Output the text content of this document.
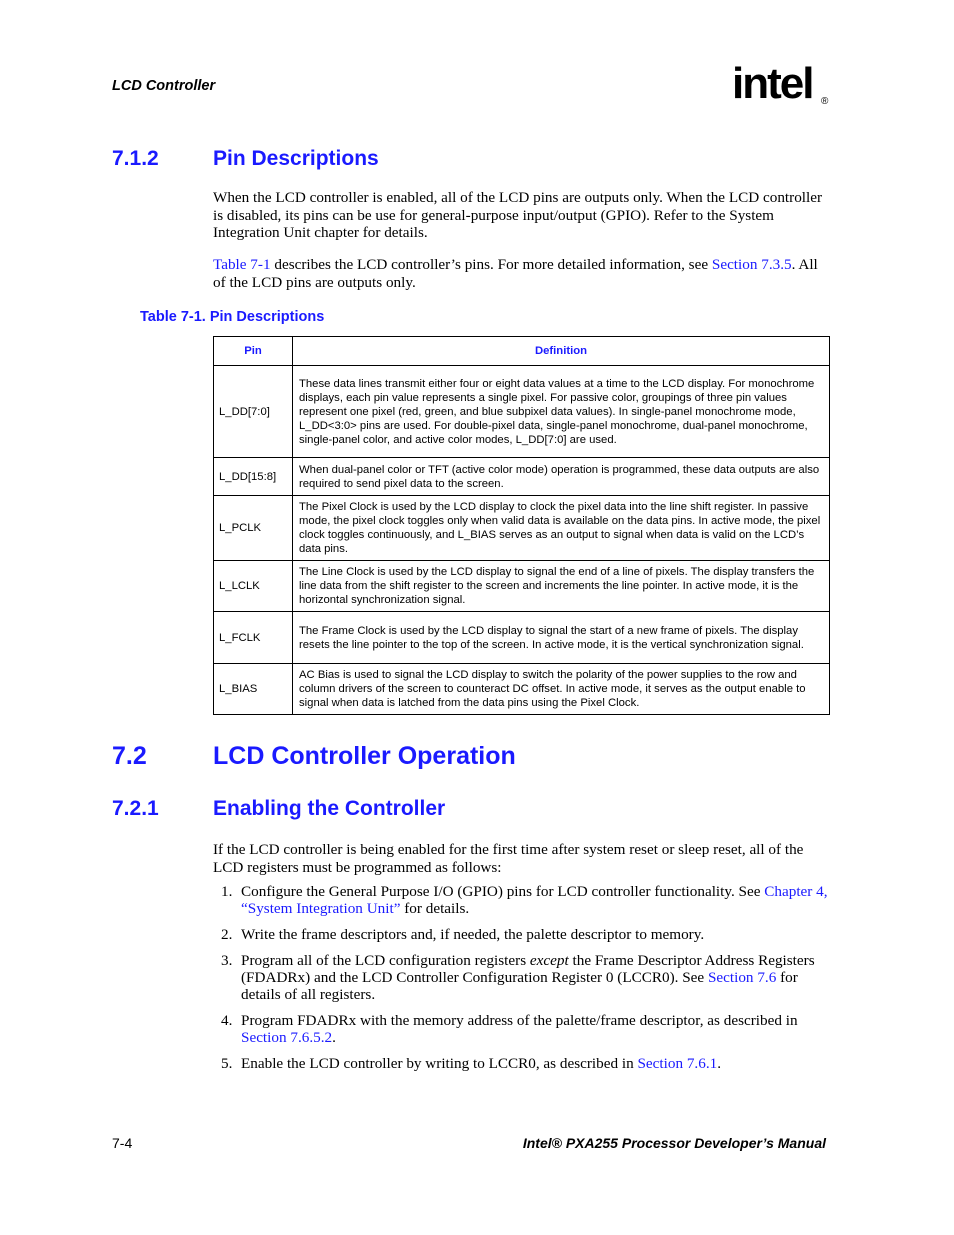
LCD Controller	intel ®
7.1.2	Pin Descriptions
When the LCD controller is enabled, all of the LCD pins are outputs only. When the LCD controller is disabled, its pins can be use for general-purpose input/output (GPIO). Refer to the System Integration Unit chapter for details.
Table 7-1 describes the LCD controller’s pins. For more detailed information, see Section 7.3.5. All of the LCD pins are outputs only.
Table 7-1. Pin Descriptions
Pin	Definition
L_DD[7:0]	These data lines transmit either four or eight data values at a time to the LCD display. For monochrome displays, each pin value represents a single pixel. For passive color, groupings of three pin values represent one pixel (red, green, and blue subpixel data values). In single-panel monochrome mode, L_DD<3:0> pins are used. For double-pixel data, single-panel monochrome, dual-panel monochrome, single-panel color, and active color modes, L_DD[7:0] are used.
L_DD[15:8]	When dual-panel color or TFT (active color mode) operation is programmed, these data outputs are also required to send pixel data to the screen.
L_PCLK	The Pixel Clock is used by the LCD display to clock the pixel data into the line shift register. In passive mode, the pixel clock toggles only when valid data is available on the data pins. In active mode, the pixel clock toggles continuously, and L_BIAS serves as an output to signal when data is valid on the LCD’s data pins.
L_LCLK	The Line Clock is used by the LCD display to signal the end of a line of pixels. The display transfers the line data from the shift register to the screen and increments the line pointer. In active mode, it is the horizontal synchronization signal.
L_FCLK	The Frame Clock is used by the LCD display to signal the start of a new frame of pixels. The display resets the line pointer to the top of the screen. In active mode, it is the vertical synchronization signal.
L_BIAS	AC Bias is used to signal the LCD display to switch the polarity of the power supplies to the row and column drivers of the screen to counteract DC offset. In active mode, it serves as the output enable to signal when data is latched from the data pins using the Pixel Clock.
7.2	LCD Controller Operation
7.2.1	Enabling the Controller
If the LCD controller is being enabled for the first time after system reset or sleep reset, all of the LCD registers must be programmed as follows:
1. Configure the General Purpose I/O (GPIO) pins for LCD controller functionality. See Chapter 4, “System Integration Unit” for details.
2. Write the frame descriptors and, if needed, the palette descriptor to memory.
3. Program all of the LCD configuration registers except the Frame Descriptor Address Registers (FDADRx) and the LCD Controller Configuration Register 0 (LCCR0). See Section 7.6 for details of all registers.
4. Program FDADRx with the memory address of the palette/frame descriptor, as described in Section 7.6.5.2.
5. Enable the LCD controller by writing to LCCR0, as described in Section 7.6.1.
7-4	Intel® PXA255 Processor Developer’s Manual
